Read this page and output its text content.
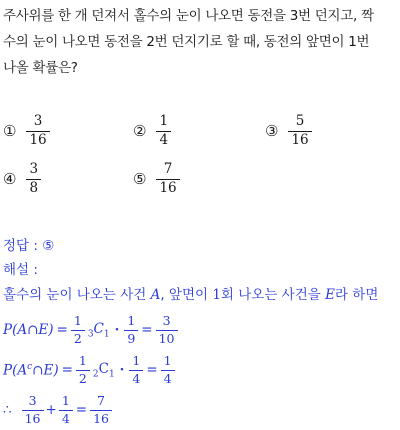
주사위를 한 개 던져서 홀수의 눈이 나오면 동전을 3번 던지고, 짝
수의 눈이 나오면 동전을 2번 던지기로 할 때, 동전의 앞면이 1번
나올 확률은?
① $\frac{3}{16}$	② $\frac{1}{4}$	③ $\frac{5}{16}$
④ $\frac{3}{8}$	⑤ $\frac{7}{16}$
정답 : ⑤
해설 :
홀수의 눈이 나오는 사건 A, 앞면이 1회 나오는 사건을 E라 하면
P(A∩E) = $\frac{1}{2} _3C_1 \cdot \frac{1}{9} = \frac{3}{10}$
$P(A^c\cap E) = \frac{1}{2} _2C_1 \cdot \frac{1}{4} = \frac{1}{4}$
∴ $\frac{3}{16} + \frac{1}{4} = \frac{7}{16}$
